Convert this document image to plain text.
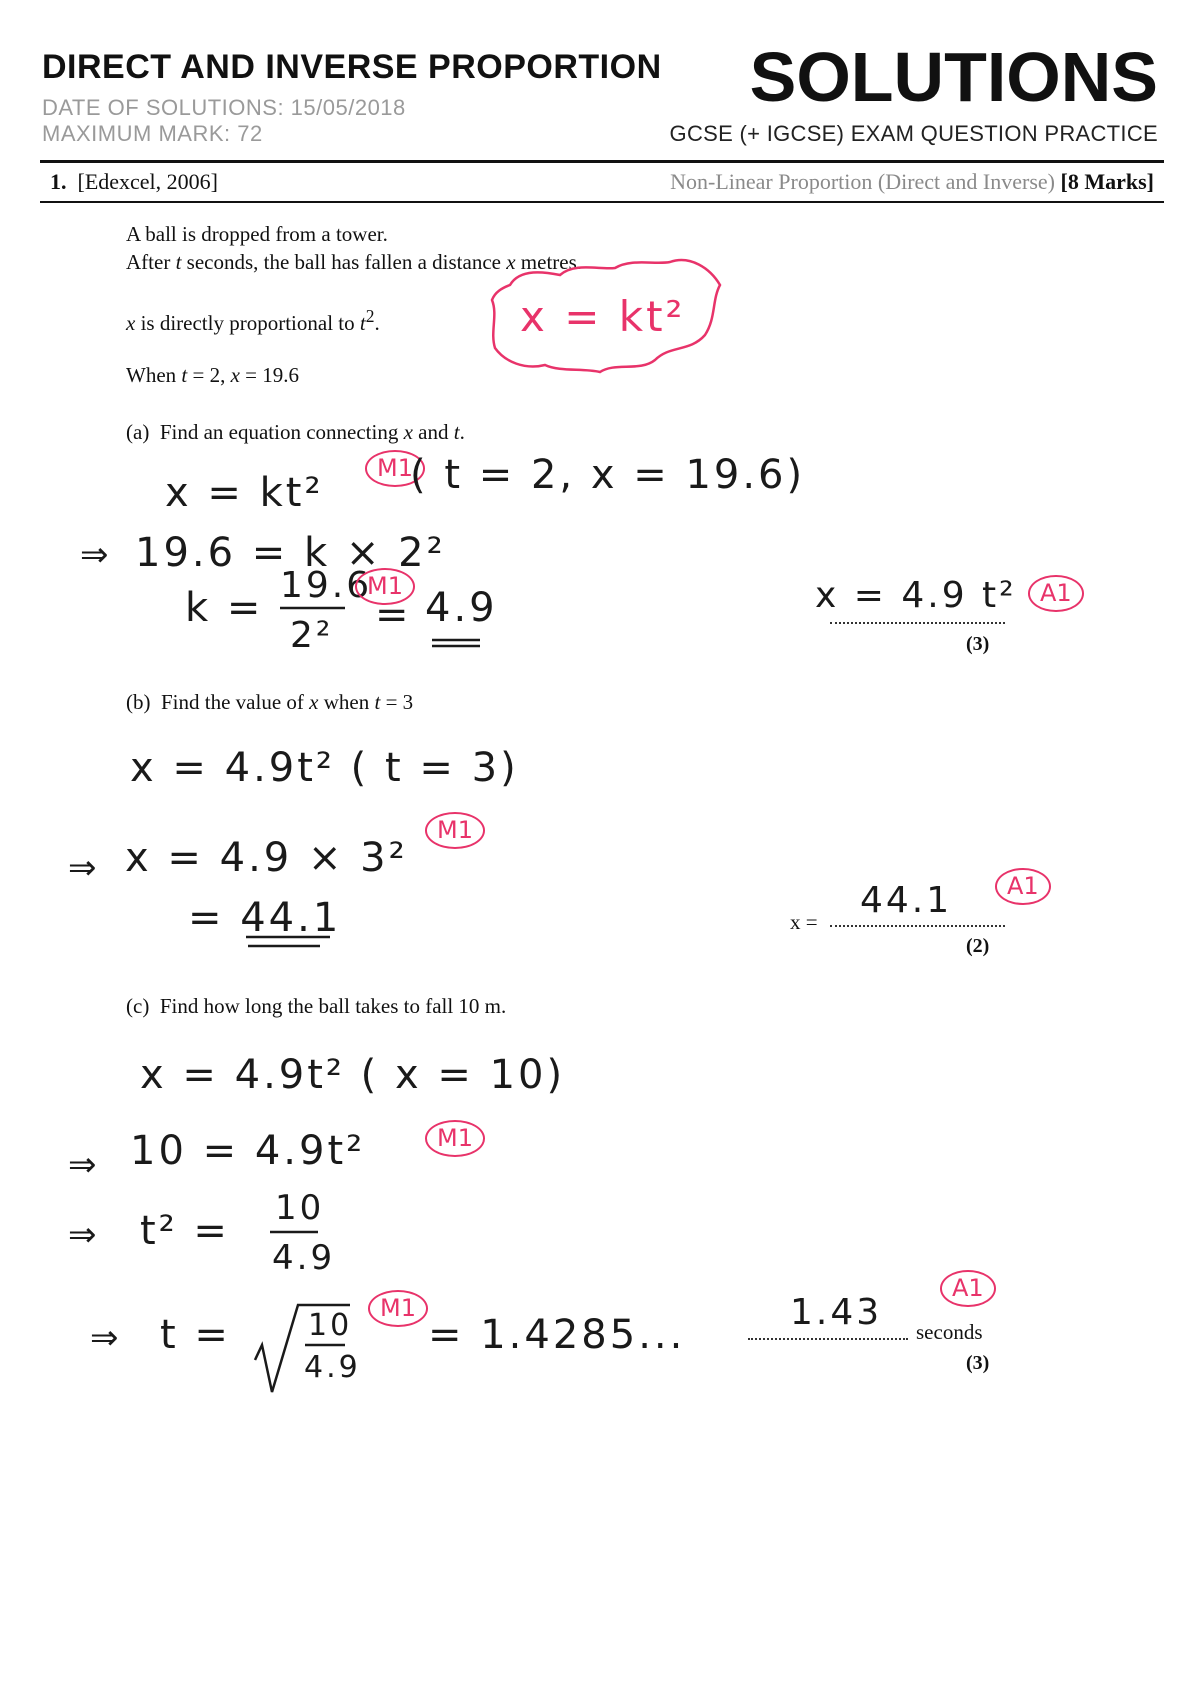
DIRECT AND INVERSE PROPORTION
DATE OF SOLUTIONS: 15/05/2018
MAXIMUM MARK: 72
SOLUTIONS
GCSE (+ IGCSE) EXAM QUESTION PRACTICE
1. [Edexcel, 2006]	Non-Linear Proportion (Direct and Inverse) [8 Marks]
A ball is dropped from a tower.
After t seconds, the ball has fallen a distance x metres.
x is directly proportional to $t^2$.
When t = 2, x = 19.6
x = kt²
(a) Find an equation connecting x and t.
x = kt²
M1
( t = 2, x = 19.6)
⇒ 19.6 = k × 2²
k = 19.6
2²
M1
= 4.9	x = 4.9 t² A1
(3)
(b) Find the value of x when t = 3
x = 4.9t² ( t = 3)
⇒ x = 4.9 × 3²
M1
= 44.1	x =
44.1	A1
(2)
(c) Find how long the ball takes to fall 10 m.
x = 4.9t² ( x = 10)
⇒ 10 = 4.9t²	M1
⇒ t² = 10
4.9
⇒ t =	10
4.9
M1
= 1.4285...	1.43
A1
seconds
(3)
